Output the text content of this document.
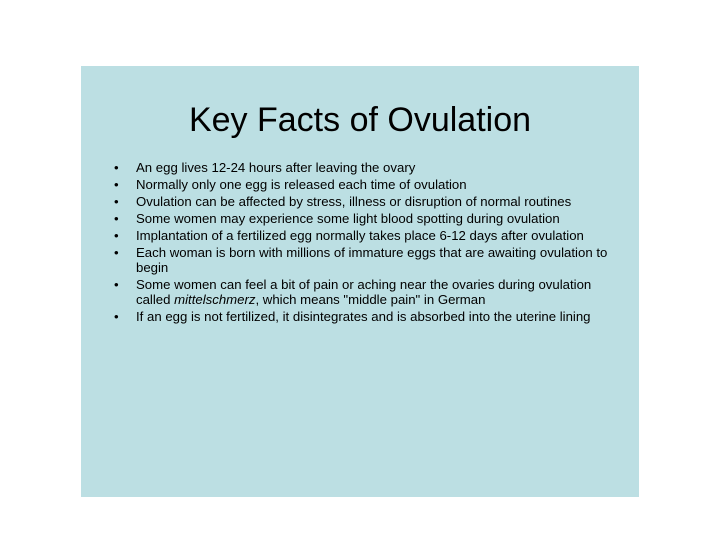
Key Facts of Ovulation
•	An egg lives 12-24 hours after leaving the ovary
•	Normally only one egg is released each time of ovulation
•	Ovulation can be affected by stress, illness or disruption of normal routines
•	Some women may experience some light blood spotting during ovulation
•	Implantation of a fertilized egg normally takes place 6-12 days after ovulation
•	Each woman is born with millions of immature eggs that are awaiting ovulation to begin
•	Some women can feel a bit of pain or aching near the ovaries during ovulation called mittelschmerz, which means "middle pain" in German
•	If an egg is not fertilized, it disintegrates and is absorbed into the uterine lining
